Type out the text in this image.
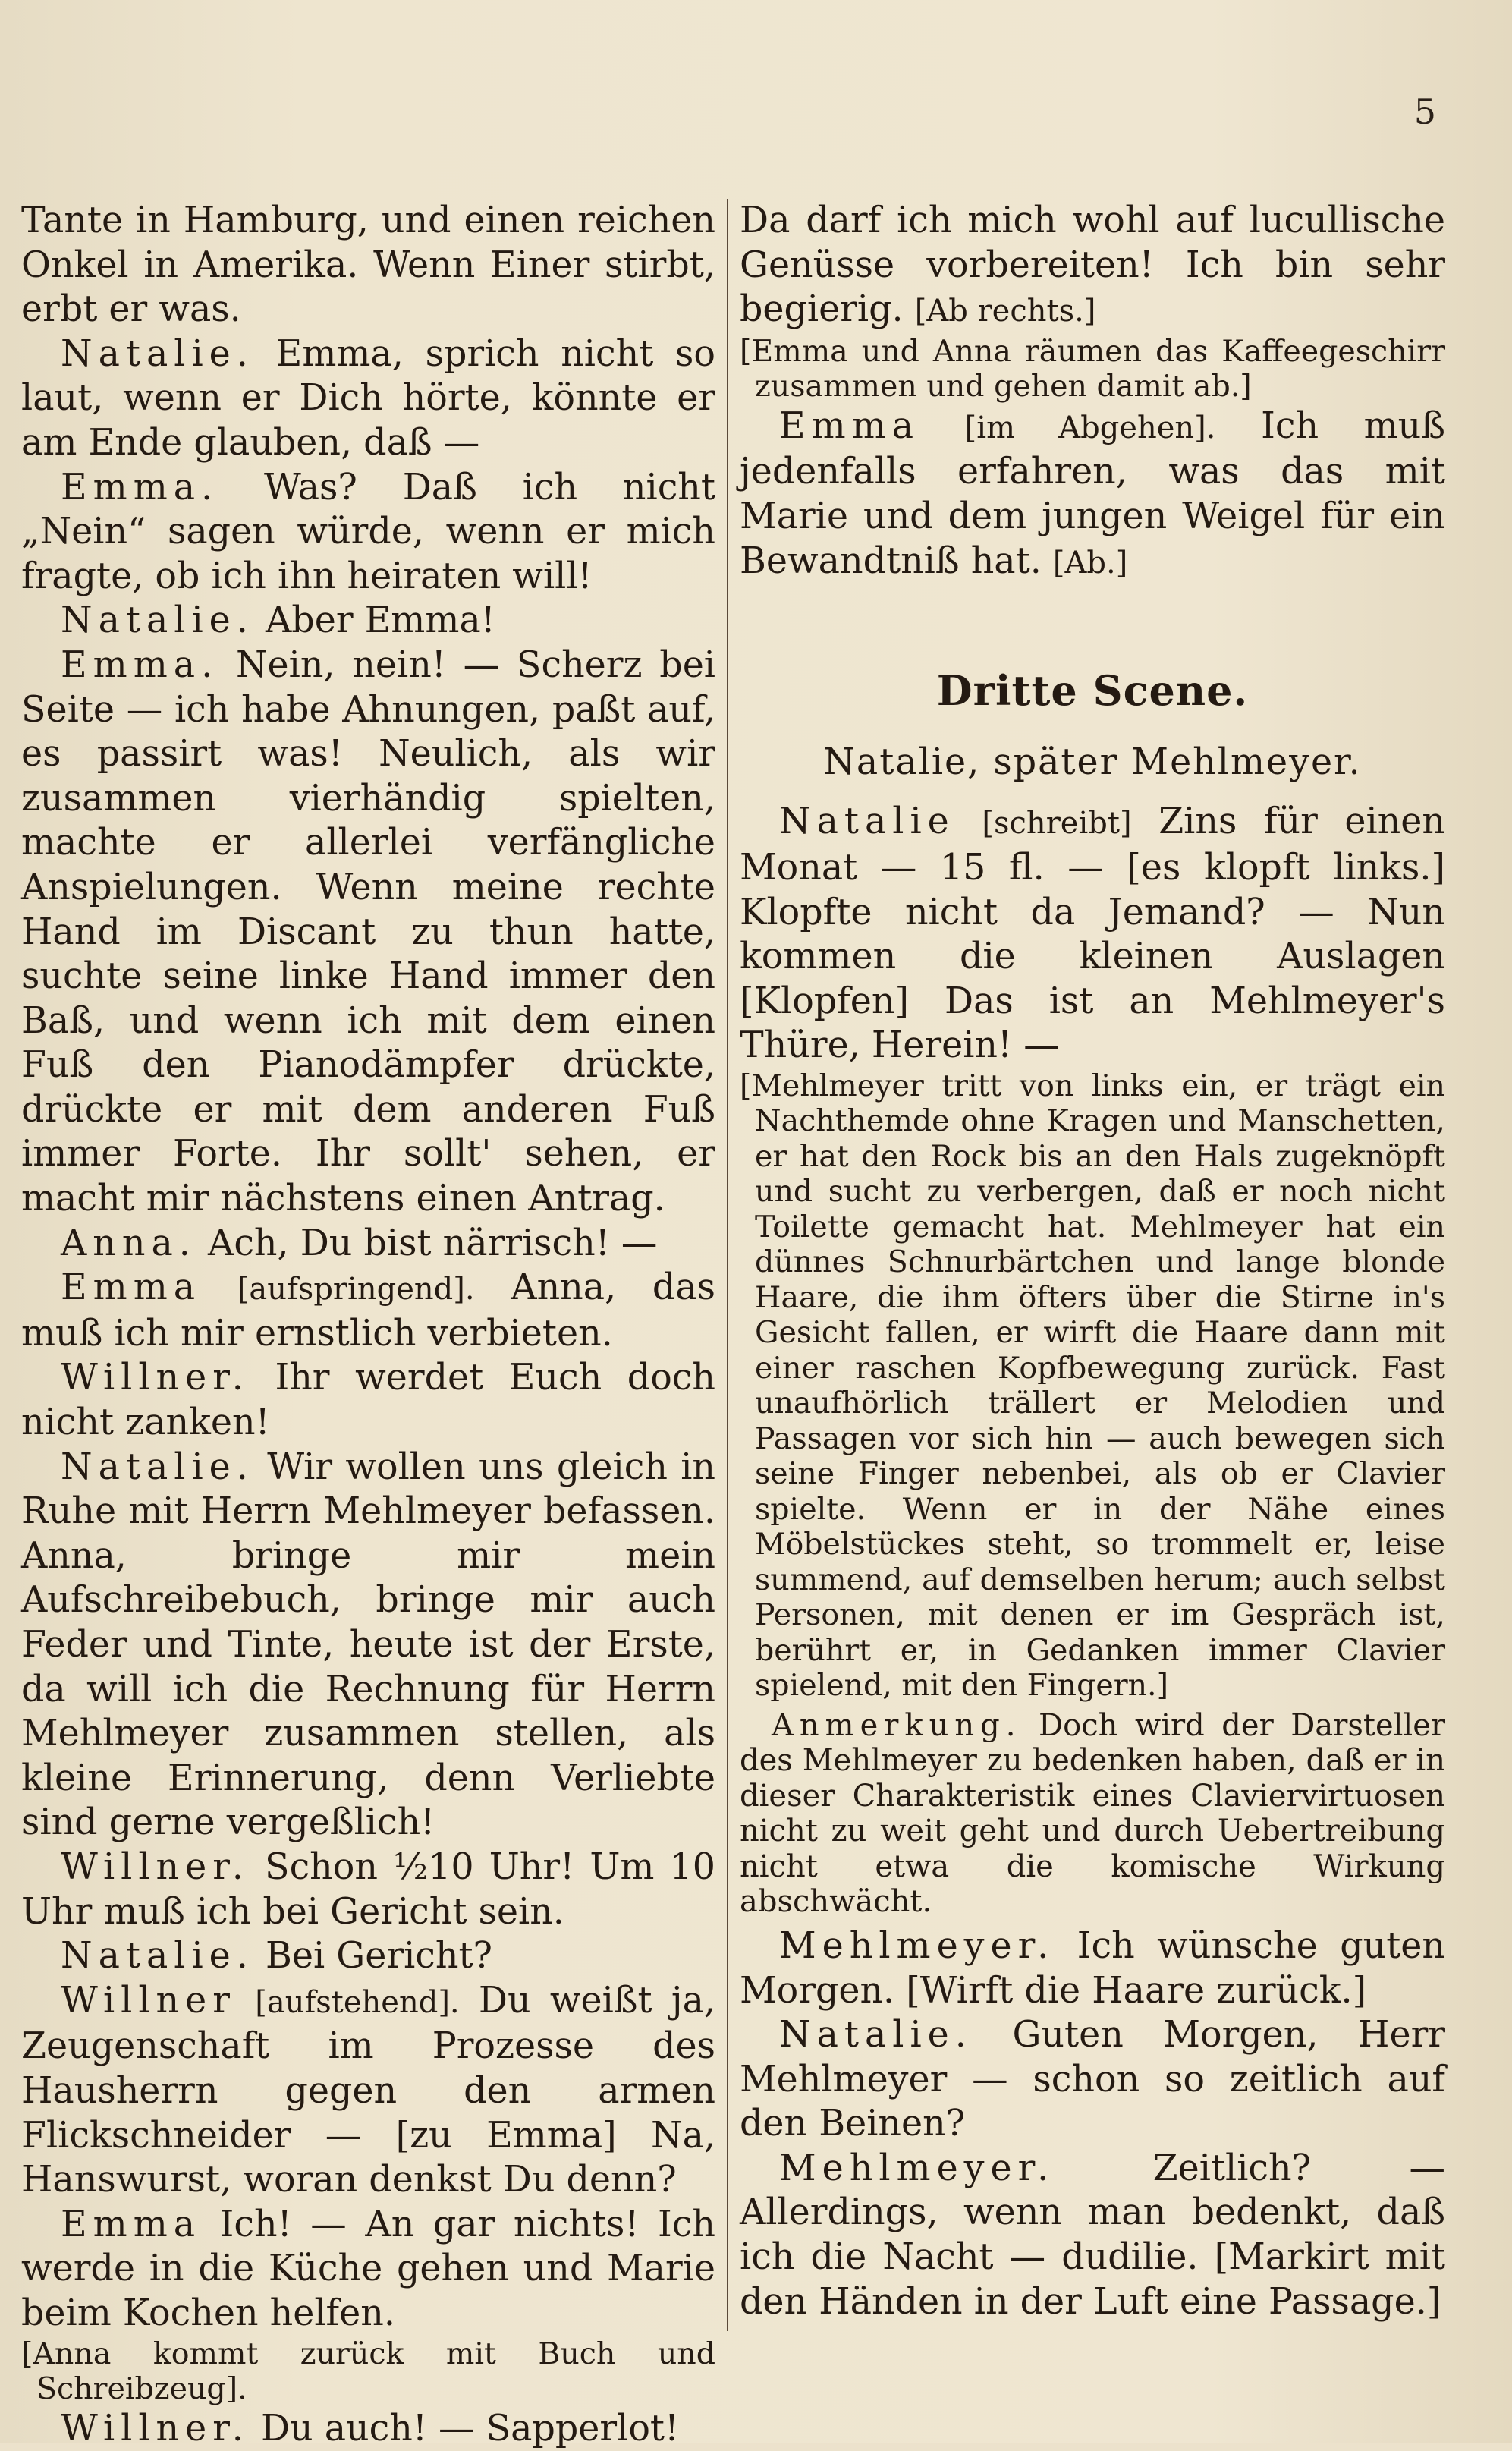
5

Tante in Hamburg, und einen reichen Onkel in Amerika. Wenn Einer stirbt, erbt er was.

Natalie. Emma, sprich nicht so laut, wenn er Dich hörte, könnte er am Ende glauben, daß —

Emma. Was? Daß ich nicht „Nein“ sagen würde, wenn er mich fragte, ob ich ihn heiraten will!

Natalie. Aber Emma!

Emma. Nein, nein! — Scherz bei Seite — ich habe Ahnungen, paßt auf, es passirt was! Neulich, als wir zusammen vierhändig spielten, machte er allerlei verfängliche Anspielungen. Wenn meine rechte Hand im Discant zu thun hatte, suchte seine linke Hand immer den Baß, und wenn ich mit dem einen Fuß den Pianodämpfer drückte, drückte er mit dem anderen Fuß immer Forte. Ihr sollt' sehen, er macht mir nächstens einen Antrag.

Anna. Ach, Du bist närrisch! —

Emma [aufspringend]. Anna, das muß ich mir ernstlich verbieten.

Willner. Ihr werdet Euch doch nicht zanken!

Natalie. Wir wollen uns gleich in Ruhe mit Herrn Mehlmeyer befassen. Anna, bringe mir mein Aufschreibebuch, bringe mir auch Feder und Tinte, heute ist der Erste, da will ich die Rechnung für Herrn Mehlmeyer zusammen stellen, als kleine Erinnerung, denn Verliebte sind gerne vergeßlich!

Willner. Schon ½10 Uhr! Um 10 Uhr muß ich bei Gericht sein.

Natalie. Bei Gericht?

Willner [aufstehend]. Du weißt ja, Zeugenschaft im Prozesse des Hausherrn gegen den armen Flickschneider — [zu Emma] Na, Hanswurst, woran denkst Du denn?

Emma Ich! — An gar nichts! Ich werde in die Küche gehen und Marie beim Kochen helfen.

[Anna kommt zurück mit Buch und Schreibzeug].

Willner. Du auch! — Sapperlot!

Da darf ich mich wohl auf lucullische Genüsse vorbereiten! Ich bin sehr begierig. [Ab rechts.]

[Emma und Anna räumen das Kaffeegeschirr zusammen und gehen damit ab.]

Emma [im Abgehen]. Ich muß jedenfalls erfahren, was das mit Marie und dem jungen Weigel für ein Bewandtniß hat. [Ab.]

Dritte Scene.
Natalie, später Mehlmeyer.

Natalie [schreibt] Zins für einen Monat — 15 fl. — [es klopft links.] Klopfte nicht da Jemand? — Nun kommen die kleinen Auslagen [Klopfen] Das ist an Mehlmeyer's Thüre, Herein! —

[Mehlmeyer tritt von links ein, er trägt ein Nachthemde ohne Kragen und Manschetten, er hat den Rock bis an den Hals zugeknöpft und sucht zu verbergen, daß er noch nicht Toilette gemacht hat. Mehlmeyer hat ein dünnes Schnurbärtchen und lange blonde Haare, die ihm öfters über die Stirne in's Gesicht fallen, er wirft die Haare dann mit einer raschen Kopfbewegung zurück. Fast unaufhörlich trällert er Melodien und Passagen vor sich hin — auch bewegen sich seine Finger nebenbei, als ob er Clavier spielte. Wenn er in der Nähe eines Möbelstückes steht, so trommelt er, leise summend, auf demselben herum; auch selbst Personen, mit denen er im Gespräch ist, berührt er, in Gedanken immer Clavier spielend, mit den Fingern.]

Anmerkung. Doch wird der Darsteller des Mehlmeyer zu bedenken haben, daß er in dieser Charakteristik eines Claviervirtuosen nicht zu weit geht und durch Uebertreibung nicht etwa die komische Wirkung abschwächt.

Mehlmeyer. Ich wünsche guten Morgen. [Wirft die Haare zurück.]

Natalie. Guten Morgen, Herr Mehlmeyer — schon so zeitlich auf den Beinen?

Mehlmeyer.	Zeitlich? — Allerdings, wenn man bedenkt, daß ich die Nacht — dudilie. [Markirt mit den Händen in der Luft eine Passage.]
